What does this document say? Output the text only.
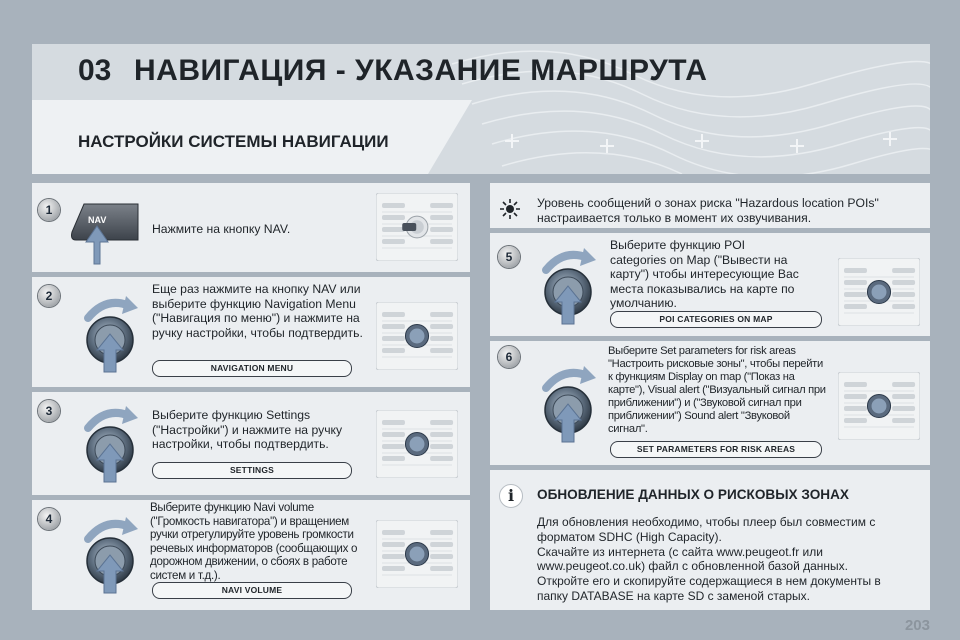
03 НАВИГАЦИЯ - УКАЗАНИЕ МАРШРУТА
НАСТРОЙКИ СИСТЕМЫ НАВИГАЦИИ
1
2
3
4
5
6
NAV
Нажмите на кнопку NAV.
Еще раз нажмите на кнопку NAV или выберите функцию Navigation Menu ("Навигация по меню") и нажмите на ручку настройки, чтобы подтвердить.
NAVIGATION MENU
Выберите функцию Settings ("Настройки") и нажмите на ручку настройки, чтобы подтвердить.
SETTINGS
Выберите функцию Navi volume ("Громкость навигатора") и вращением ручки отрегулируйте уровень громкости речевых информаторов (сообщающих о дорожном движении, о сбоях в работе систем и т.д.).
NAVI VOLUME
Уровень сообщений о зонах риска "Hazardous location POIs" настраивается только в момент их озвучивания.
Выберите функцию POI categories on Map ("Вывести на карту") чтобы интересующие Вас места показывались на карте по умолчанию.
POI CATEGORIES ON MAP
Выберите Set parameters for risk areas "Настроить рисковые зоны", чтобы перейти к функциям Display on map ("Показ на карте"), Visual alert ("Визуальный сигнал при приближении") и ("Звуковой сигнал при приближении") Sound alert "Звуковой сигнал".
SET PARAMETERS FOR RISK AREAS
i	ОБНОВЛЕНИЕ ДАННЫХ О РИСКОВЫХ ЗОНАХ
Для обновления необходимо, чтобы плеер был совместим с
форматом SDHC (High Capacity).
Скачайте из интернета (с сайта www.peugeot.fr или
www.peugeot.co.uk) файл с обновленной базой данных.
Откройте его и скопируйте содержащиеся в нем документы в
папку DATABASE на карте SD с заменой старых.
203
